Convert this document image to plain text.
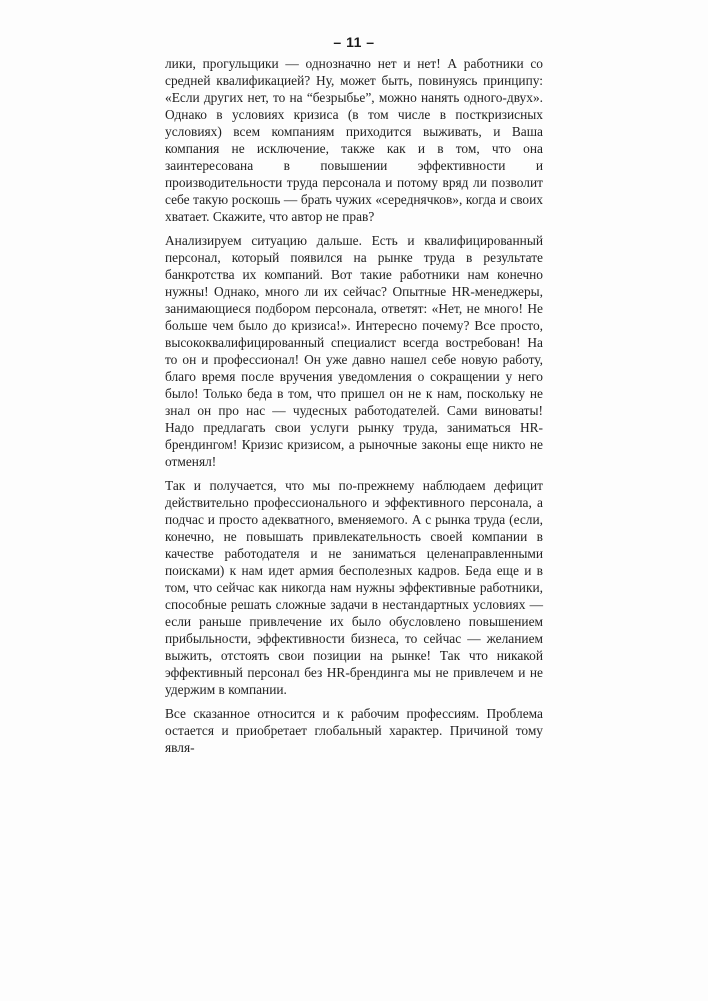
– 11 –

лики, прогульщики — однозначно нет и нет! А работники со средней квалификацией? Ну, может быть, повинуясь принципу: «Если других нет, то на “безрыбье”, можно нанять одного-двух». Однако в условиях кризиса (в том числе в посткризисных условиях) всем компаниям приходится выживать, и Ваша компания не исключение, также как и в том, что она заинтересована в повышении эффективности и производительности труда персонала и потому вряд ли позволит себе такую роскошь — брать чужих «середнячков», когда и своих хватает. Скажите, что автор не прав?

Анализируем ситуацию дальше. Есть и квалифицированный персонал, который появился на рынке труда в результате банкротства их компаний. Вот такие работники нам конечно нужны! Однако, много ли их сейчас? Опытные HR-менеджеры, занимающиеся подбором персонала, ответят: «Нет, не много! Не больше чем было до кризиса!». Интересно почему? Все просто, высококвалифицированный специалист всегда востребован! На то он и профессионал! Он уже давно нашел себе новую работу, благо время после вручения уведомления о сокращении у него было! Только беда в том, что пришел он не к нам, поскольку не знал он про нас — чудесных работодателей. Сами виноваты! Надо предлагать свои услуги рынку труда, заниматься HR-брендингом! Кризис кризисом, а рыночные законы еще никто не отменял!

Так и получается, что мы по-прежнему наблюдаем дефицит действительно профессионального и эффективного персонала, а подчас и просто адекватного, вменяемого. А с рынка труда (если, конечно, не повышать привлекательность своей компании в качестве работодателя и не заниматься целенаправленными поисками) к нам идет армия бесполезных кадров. Беда еще и в том, что сейчас как никогда нам нужны эффективные работники, способные решать сложные задачи в нестандартных условиях — если раньше привлечение их было обусловлено повышением прибыльности, эффективности бизнеса, то сейчас — желанием выжить, отстоять свои позиции на рынке! Так что никакой эффективный персонал без HR-брендинга мы не привлечем и не удержим в компании.

Все сказанное относится и к рабочим профессиям. Проблема остается и приобретает глобальный характер. Причиной тому явля-
